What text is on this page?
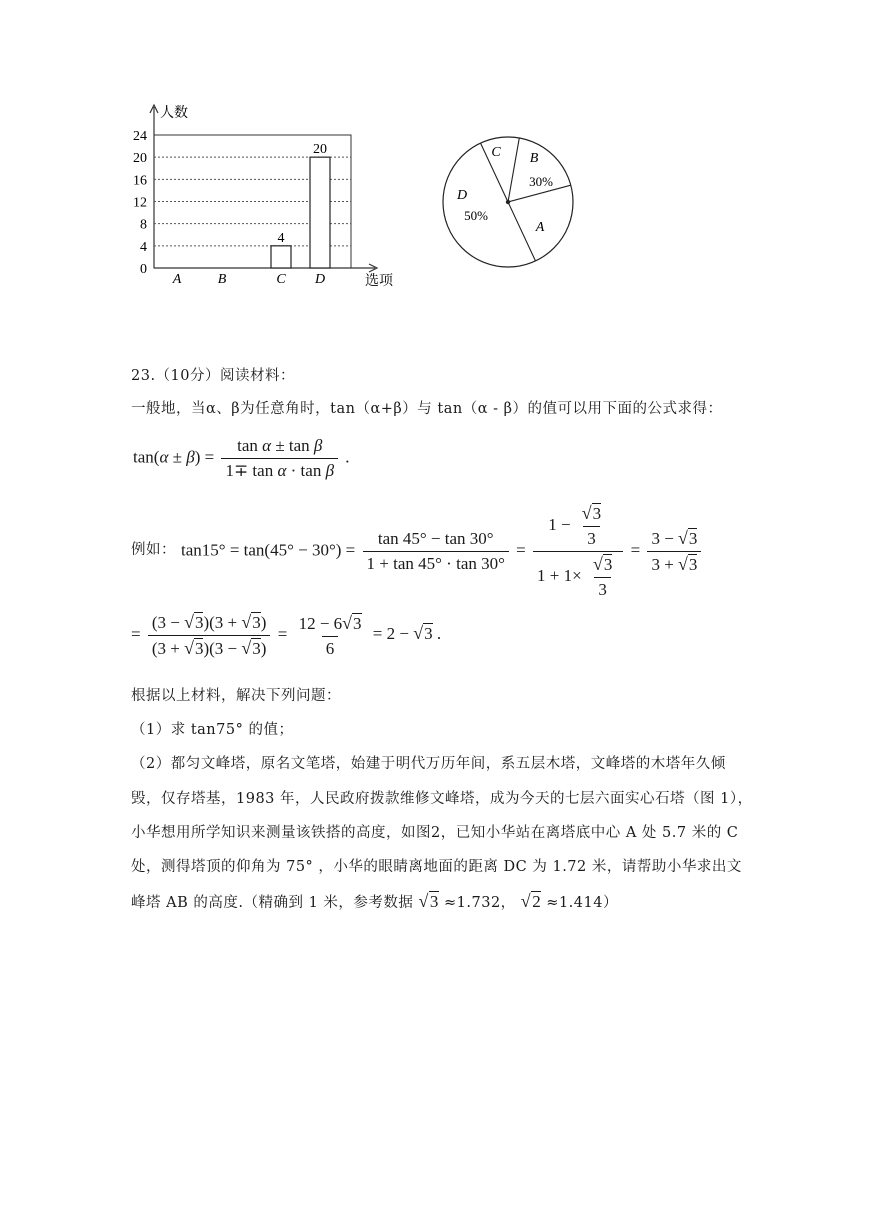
0
4
8
12
16
20
24
人数
选项
A	B	C D
4
20
A
B
C
D
30%
50%
23.（10分）阅读材料：
一般地，当α、β为任意角时，tan（α+β）与 tan（α - β）的值可以用下面的公式求得：
$\tan(\alpha \pm \beta) = \frac{\text{tan α ± tan β}}{\text{1∓ tan α · tan β}}$ .
例如： $\tan 15^\circ = \tan(45^\circ - 30^\circ) = \frac{\tan 45^\circ - \tan 30^\circ}{1 + \tan 45^\circ \cdot \tan 30^\circ} = \frac{1 - \frac{√3}{3}}{1 + 1\times \frac{√3}{3}} = \frac{3 - √3}{3 + √3}$
= $\frac{(3 - √3)(3 + √3)}{(3 + √3)(3 - √3)} = \frac{12 - 6√3}{6} = 2 - √3$ .
根据以上材料，解决下列问题：
（1）求 tan75° 的值；
（2）都匀文峰塔，原名文笔塔，始建于明代万历年间，系五层木塔，文峰塔的木塔年久倾
毁，仅存塔基，1983 年，人民政府拨款维修文峰塔，成为今天的七层六面实心石塔（图 1），
小华想用所学知识来测量该铁搭的高度，如图2，已知小华站在离塔底中心 A 处 5.7 米的 C
处，测得塔顶的仰角为 75° ，小华的眼睛离地面的距离 DC 为 1.72 米，请帮助小华求出文
峰塔 AB 的高度.（精确到 1 米，参考数据 √3 ≈1.732， √2 ≈1.414）
